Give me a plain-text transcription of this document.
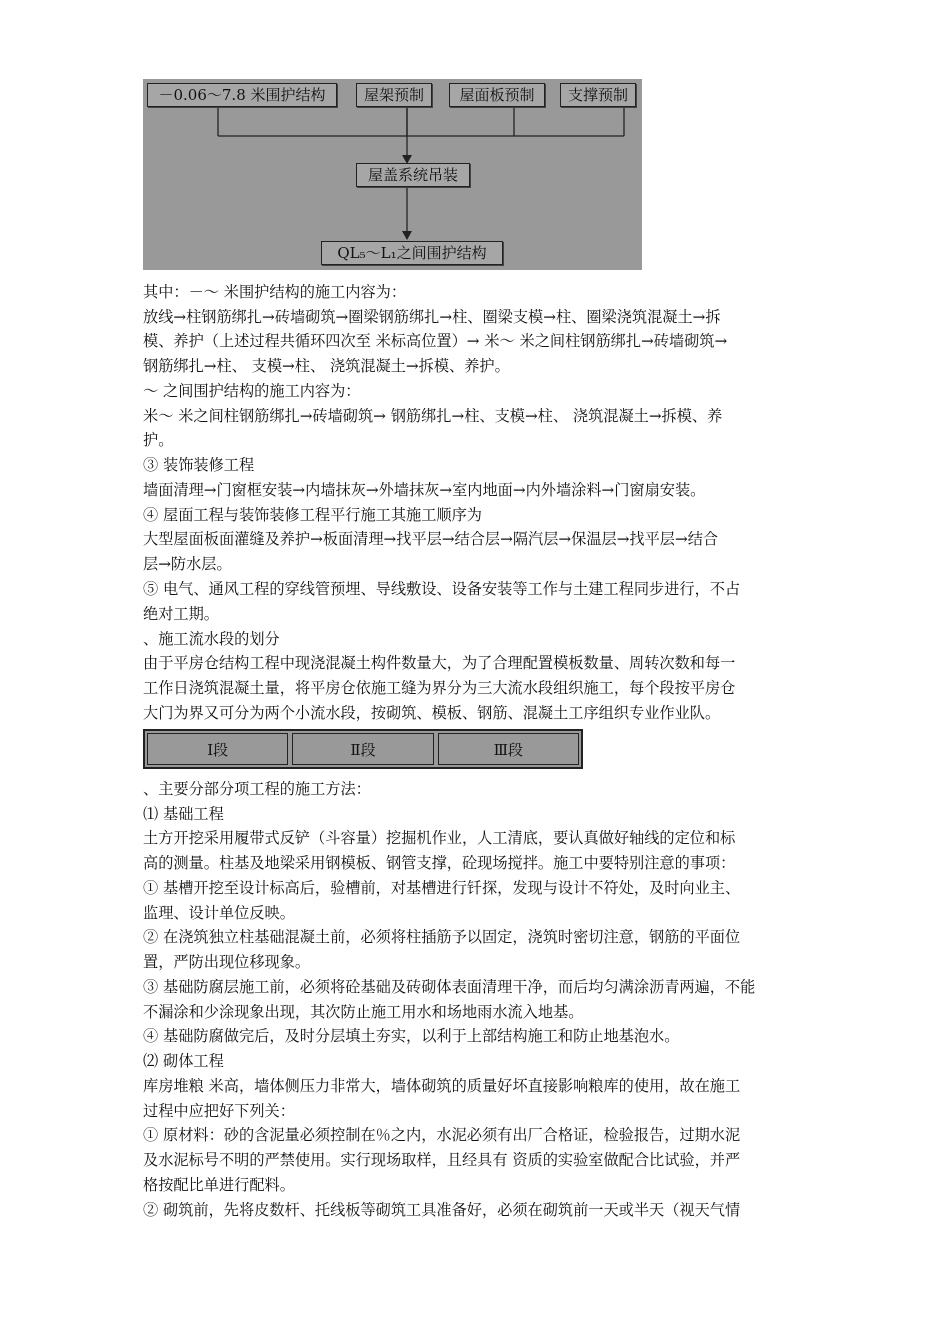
－0.06～7.8 米围护结构	屋架预制	屋面板预制	支撑预制
屋盖系统吊装
QL₅～L₁之间围护结构
其中：－～ 米围护结构的施工内容为：
放线→柱钢筋绑扎→砖墙砌筑→圈梁钢筋绑扎→柱、圈梁支模→柱、圈梁浇筑混凝土→拆
模、养护（上述过程共循环四次至 米标高位置）→ 米～ 米之间柱钢筋绑扎→砖墙砌筑→
钢筋绑扎→柱、 支模→柱、 浇筑混凝土→拆模、养护。
～ 之间围护结构的施工内容为：
米～ 米之间柱钢筋绑扎→砖墙砌筑→ 钢筋绑扎→柱、支模→柱、 浇筑混凝土→拆模、养
护。
③ 装饰装修工程
墙面清理→门窗框安装→内墙抹灰→外墙抹灰→室内地面→内外墙涂料→门窗扇安装。
④ 屋面工程与装饰装修工程平行施工其施工顺序为
大型屋面板面灌缝及养护→板面清理→找平层→结合层→隔汽层→保温层→找平层→结合
层→防水层。
⑤ 电气、通风工程的穿线管预埋、导线敷设、设备安装等工作与土建工程同步进行，不占
绝对工期。
、施工流水段的划分
由于平房仓结构工程中现浇混凝土构件数量大，为了合理配置模板数量、周转次数和每一
工作日浇筑混凝土量，将平房仓依施工缝为界分为三大流水段组织施工，每个段按平房仓
大门为界又可分为两个小流水段，按砌筑、模板、钢筋、混凝土工序组织专业作业队。
Ⅰ段	Ⅱ段	Ⅲ段
、主要分部分项工程的施工方法：
⑴ 基础工程
土方开挖采用履带式反铲（斗容量）挖掘机作业，人工清底，要认真做好轴线的定位和标
高的测量。柱基及地梁采用钢模板、钢管支撑，砼现场搅拌。施工中要特别注意的事项：
① 基槽开挖至设计标高后，验槽前，对基槽进行钎探，发现与设计不符处，及时向业主、
监理、设计单位反映。
② 在浇筑独立柱基础混凝土前，必须将柱插筋予以固定，浇筑时密切注意，钢筋的平面位
置，严防出现位移现象。
③ 基础防腐层施工前，必须将砼基础及砖砌体表面清理干净，而后均匀满涂沥青两遍，不能
不漏涂和少涂现象出现，其次防止施工用水和场地雨水流入地基。
④ 基础防腐做完后，及时分层填土夯实，以利于上部结构施工和防止地基泡水。
⑵ 砌体工程
库房堆粮 米高，墙体侧压力非常大，墙体砌筑的质量好坏直接影响粮库的使用，故在施工
过程中应把好下列关：
① 原材料：砂的含泥量必须控制在％之内，水泥必须有出厂合格证，检验报告，过期水泥
及水泥标号不明的严禁使用。实行现场取样，且经具有 资质的实验室做配合比试验，并严
格按配比单进行配料。
② 砌筑前，先将皮数杆、托线板等砌筑工具准备好，必须在砌筑前一天或半天（视天气情
